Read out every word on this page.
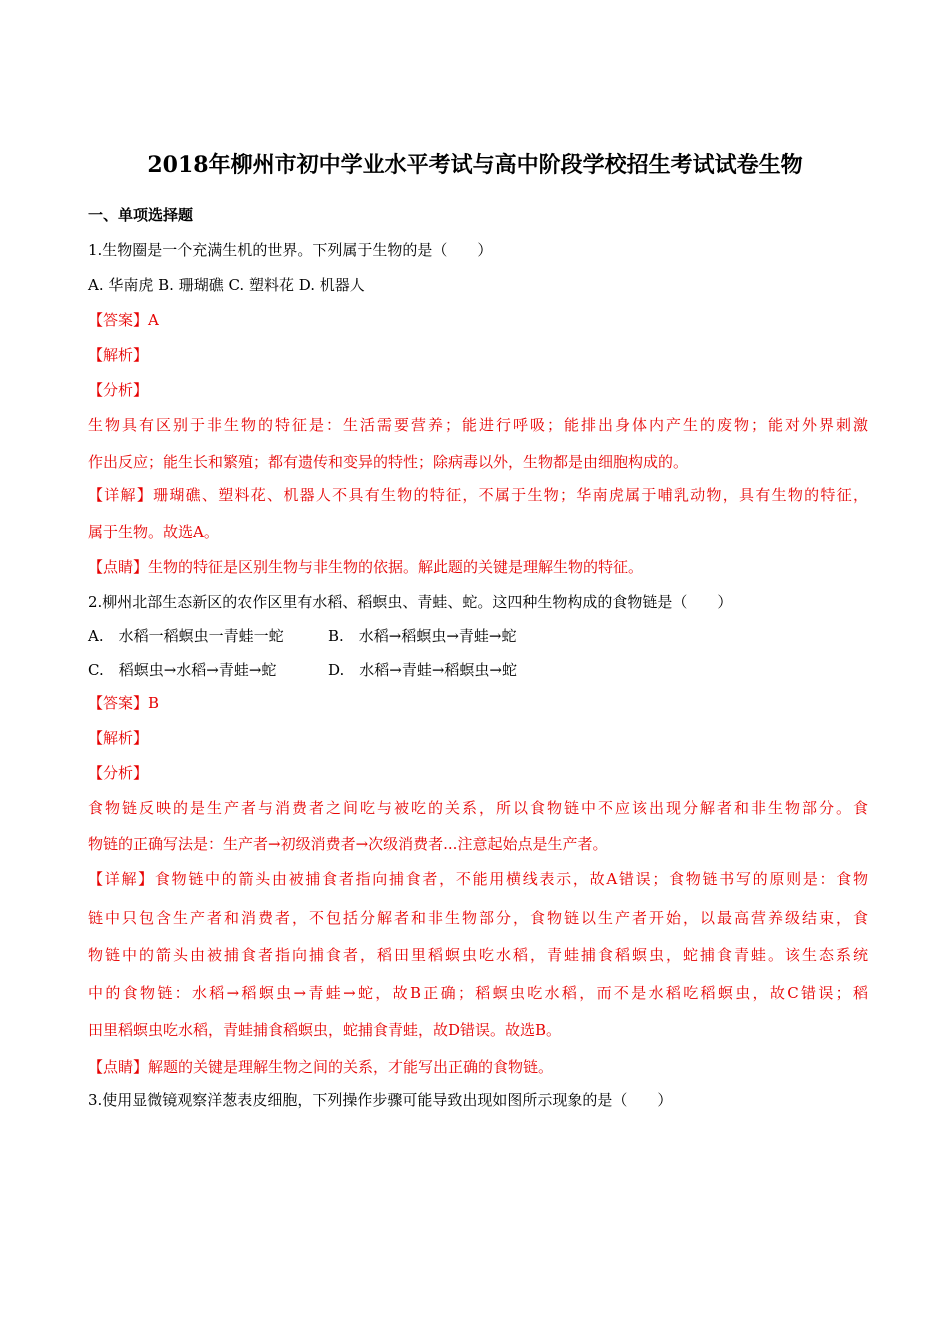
2018年柳州市初中学业水平考试与高中阶段学校招生考试试卷生物
一、单项选择题
1.生物圈是一个充满生机的世界。下列属于生物的是（　　）
A. 华南虎 B. 珊瑚礁 C. 塑料花 D. 机器人
【答案】A
【解析】
【分析】
生物具有区别于非生物的特征是：生活需要营养；能进行呼吸；能排出身体内产生的废物；能对外界刺激
作出反应；能生长和繁殖；都有遗传和变异的特性；除病毒以外，生物都是由细胞构成的。
【详解】珊瑚礁、塑料花、机器人不具有生物的特征，不属于生物；华南虎属于哺乳动物，具有生物的特征，
属于生物。故选A。
【点睛】生物的特征是区别生物与非生物的依据。解此题的关键是理解生物的特征。
2.柳州北部生态新区的农作区里有水稻、稻螟虫、青蛙、蛇。这四种生物构成的食物链是（　　）
A.　水稻一稻螟虫一青蛙一蛇	B.　水稻→稻螟虫→青蛙→蛇
C.　稻螟虫→水稻→青蛙→蛇	D.　水稻→青蛙→稻螟虫→蛇
【答案】B
【解析】
【分析】
食物链反映的是生产者与消费者之间吃与被吃的关系，所以食物链中不应该出现分解者和非生物部分。食
物链的正确写法是：生产者→初级消费者→次级消费者...注意起始点是生产者。
【详解】食物链中的箭头由被捕食者指向捕食者，不能用横线表示，故A错误；食物链书写的原则是：食物
链中只包含生产者和消费者，不包括分解者和非生物部分，食物链以生产者开始，以最高营养级结束，食
物链中的箭头由被捕食者指向捕食者，稻田里稻螟虫吃水稻，青蛙捕食稻螟虫，蛇捕食青蛙。该生态系统
中的食物链：水稻→稻螟虫→青蛙→蛇，故B正确；稻螟虫吃水稻，而不是水稻吃稻螟虫，故C错误；稻
田里稻螟虫吃水稻，青蛙捕食稻螟虫，蛇捕食青蛙，故D错误。故选B。
【点睛】解题的关键是理解生物之间的关系，才能写出正确的食物链。
3.使用显微镜观察洋葱表皮细胞，下列操作步骤可能导致出现如图所示现象的是（　　）
